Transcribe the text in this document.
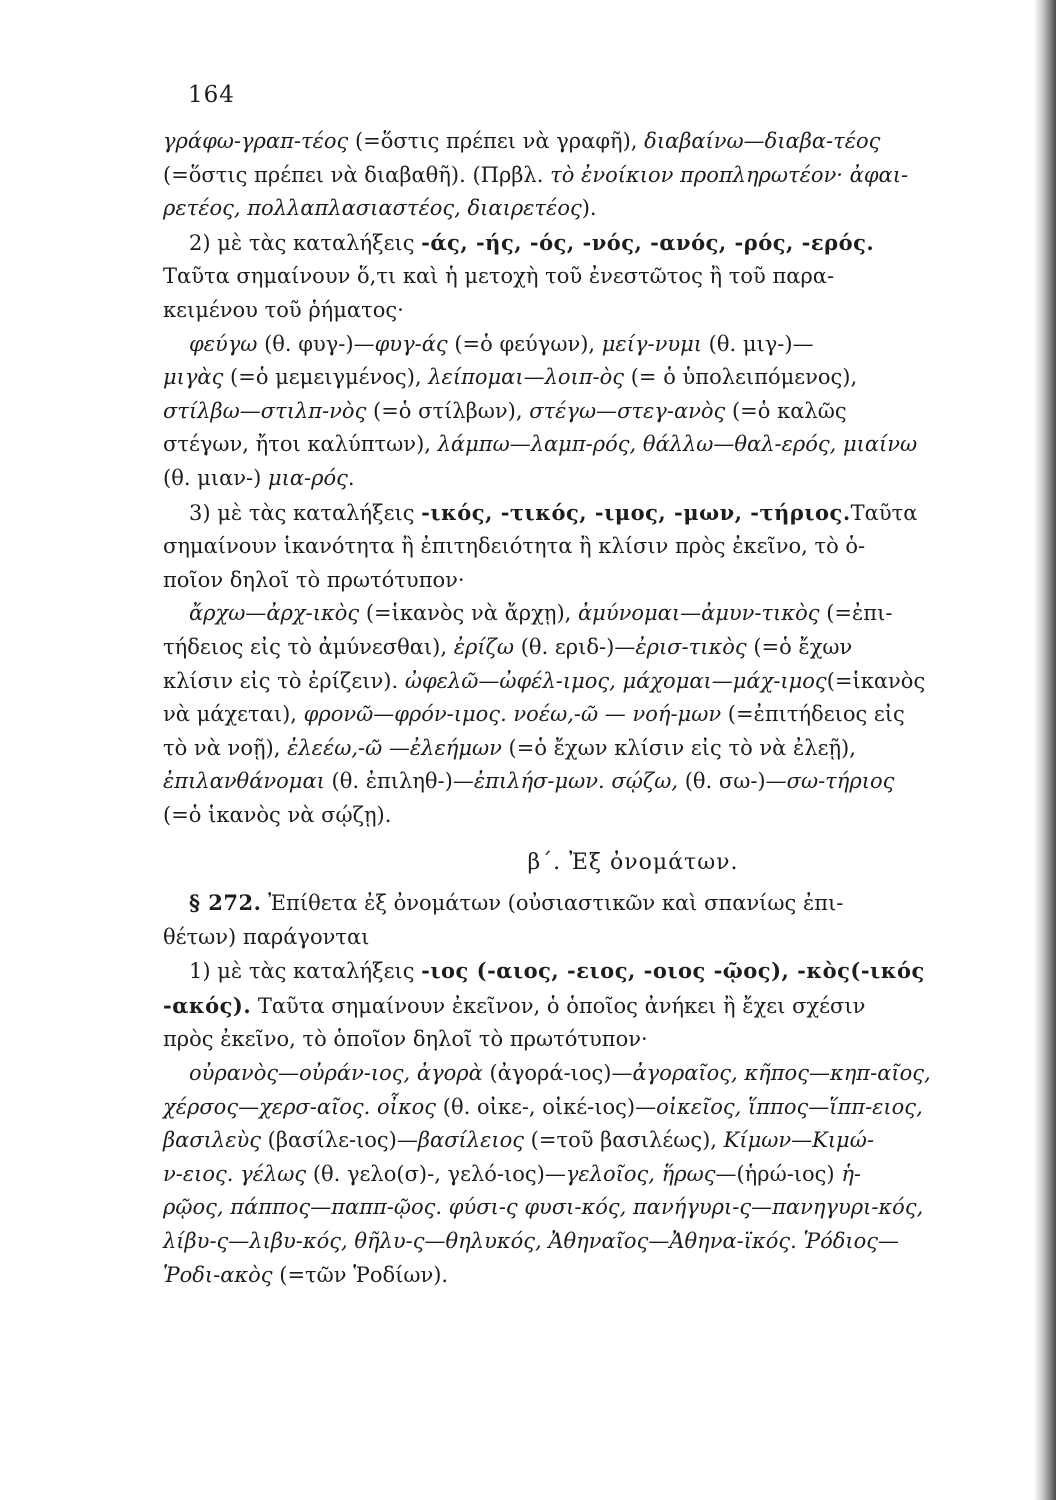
164

γράφω-γραπ-τέος (=ὅστις πρέπει νὰ γραφῆ), διαβαίνω—διαβα-τέος

(=ὅστις πρέπει νὰ διαβαθῆ). (Πρβλ. τὸ ἐνοίκιον προπληρωτέον· ἀφαι-

ρετέος, πολλαπλασιαστέος, διαιρετέος).

2) μὲ τὰς καταλήξεις -άς, -ής, -ός, -νός, -ανός, -ρός, -ερός.

Ταῦτα σημαίνουν ὅ,τι καὶ ἡ μετοχὴ τοῦ ἐνεστῶτος ἢ τοῦ παρα-

κειμένου τοῦ ῥήματος·

φεύγω (θ. φυγ-)—φυγ-άς (=ὁ φεύγων), μείγ-νυμι (θ. μιγ-)—

μιγὰς (=ὁ μεμειγμένος), λείπομαι—λοιπ-ὸς (= ὁ ὑπολειπόμενος),

στίλβω—στιλπ-νὸς (=ὁ στίλβων), στέγω—στεγ-ανὸς (=ὁ καλῶς

στέγων, ἤτοι καλύπτων), λάμπω—λαμπ-ρός, θάλλω—θαλ-ερός, μιαίνω

(θ. μιαν-) μια-ρός.

3) μὲ τὰς καταλήξεις -ικός, -τικός, -ιμος, -μων, -τήριος.Ταῦτα

σημαίνουν ἱκανότητα ἢ ἐπιτηδειότητα ἢ κλίσιν πρὸς ἐκεῖνο, τὸ ὁ-

ποῖον δηλοῖ τὸ πρωτότυπον·

ἄρχω—ἀρχ-ικὸς (=ἱκανὸς νὰ ἄρχῃ), ἀμύνομαι—ἀμυν-τικὸς (=ἐπι-

τήδειος εἰς τὸ ἀμύνεσθαι), ἐρίζω (θ. εριδ-)—ἐρισ-τικὸς (=ὁ ἔχων

κλίσιν εἰς τὸ ἐρίζειν). ὠφελῶ—ὠφέλ-ιμος, μάχομαι—μάχ-ιμος(=ἱκανὸς

νὰ μάχεται), φρονῶ—φρόν-ιμος. νοέω,-ῶ — νοή-μων (=ἐπιτήδειος εἰς

τὸ νὰ νοῇ), ἐλεέω,-ῶ —ἐλεήμων (=ὁ ἔχων κλίσιν εἰς τὸ νὰ ἐλεῇ),

ἐπιλανθάνομαι (θ. ἐπιληθ-)—ἐπιλήσ-μων. σῴζω, (θ. σω-)—σω-τήριος

(=ὁ ἱκανὸς νὰ σῴζῃ).

β΄. Ἐξ ὀνομάτων.

§ 272. Ἐπίθετα ἐξ ὀνομάτων (οὐσιαστικῶν καὶ σπανίως ἐπι-

θέτων) παράγονται

1) μὲ τὰς καταλήξεις -ιος (-αιος, -ειος, -οιος -ῷος), -κὸς(-ικός

-ακός). Ταῦτα σημαίνουν ἐκεῖνον, ὁ ὁποῖος ἀνήκει ἢ ἔχει σχέσιν

πρὸς ἐκεῖνο, τὸ ὁποῖον δηλοῖ τὸ πρωτότυπον·

οὐρανὸς—οὐράν-ιος, ἀγορὰ (ἀγορά-ιος)—ἀγοραῖος, κῆπος—κηπ-αῖος,

χέρσος—χερσ-αῖος. οἶκος (θ. οἰκε-, οἰκέ-ιος)—οἰκεῖος, ἵππος—ἵππ-ειος,

βασιλεὺς (βασίλε-ιος)—βασίλειος (=τοῦ βασιλέως), Κίμων—Κιμώ-

ν-ειος. γέλως (θ. γελο(σ)-, γελό-ιος)—γελοῖος, ἥρως—(ἡρώ-ιος) ἡ-

ρῷος, πάππος—παππ-ῷος. φύσι-ς φυσι-κός, πανήγυρι-ς—πανηγυρι-κός,

λίβυ-ς—λιβυ-κός, θῆλυ-ς—θηλυκός, Ἀθηναῖος—Ἀθηνα-ϊκός. Ῥόδιος—

Ῥοδι-ακὸς (=τῶν Ῥοδίων).
